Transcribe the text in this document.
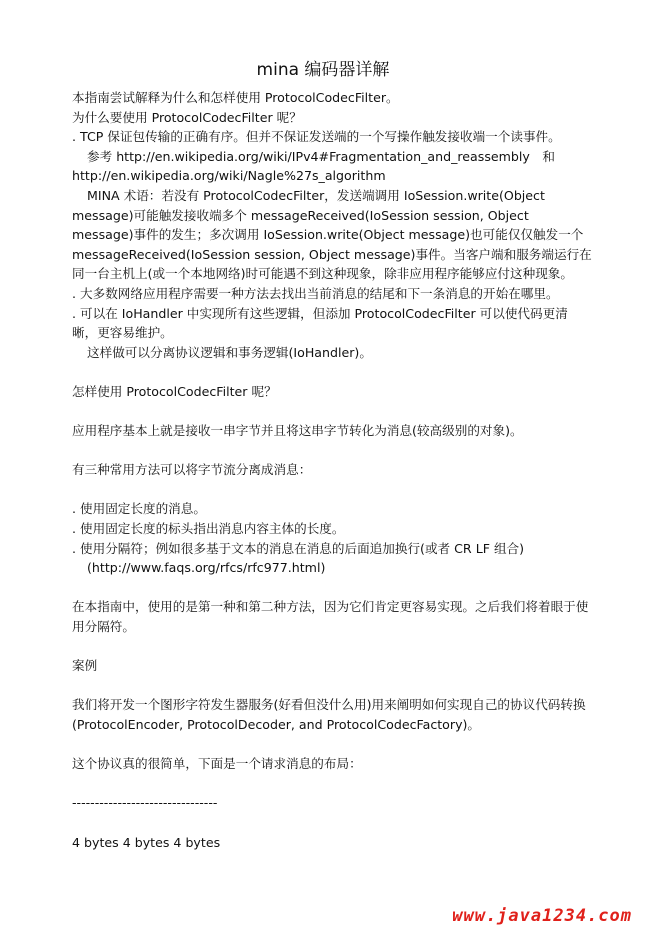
mina 编码器详解

本指南尝试解释为什么和怎样使用 ProtocolCodecFilter。

为什么要使用 ProtocolCodecFilter 呢？

. TCP 保证包传输的正确有序。但并不保证发送端的一个写操作触发接收端一个读事件。

参考 http://en.wikipedia.org/wiki/IPv4#Fragmentation_and_reassembly　和 http://en.wikipedia.org/wiki/Nagle%27s_algorithm

MINA 术语：若没有 ProtocolCodecFilter，发送端调用 IoSession.write(Object message)可能触发接收端多个 messageReceived(IoSession session, Object message)事件的发生；多次调用 IoSession.write(Object message)也可能仅仅触发一个 messageReceived(IoSession session, Object message)事件。当客户端和服务端运行在同一台主机上(或一个本地网络)时可能遇不到这种现象，除非应用程序能够应付这种现象。

. 大多数网络应用程序需要一种方法去找出当前消息的结尾和下一条消息的开始在哪里。

. 可以在 IoHandler 中实现所有这些逻辑，但添加 ProtocolCodecFilter 可以使代码更清晰，更容易维护。

这样做可以分离协议逻辑和事务逻辑(IoHandler)。

怎样使用 ProtocolCodecFilter 呢？

应用程序基本上就是接收一串字节并且将这串字节转化为消息(较高级别的对象)。

有三种常用方法可以将字节流分离成消息：

. 使用固定长度的消息。

. 使用固定长度的标头指出消息内容主体的长度。

. 使用分隔符；例如很多基于文本的消息在消息的后面追加换行(或者 CR LF 组合)

(http://www.faqs.org/rfcs/rfc977.html)

在本指南中，使用的是第一种和第二种方法，因为它们肯定更容易实现。之后我们将着眼于使用分隔符。

案例

我们将开发一个图形字符发生器服务(好看但没什么用)用来阐明如何实现自己的协议代码转换(ProtocolEncoder, ProtocolDecoder, and ProtocolCodecFactory)。

这个协议真的很简单，下面是一个请求消息的布局：

--------------------------------

4 bytes 4 bytes 4 bytes

www.java1234.com
